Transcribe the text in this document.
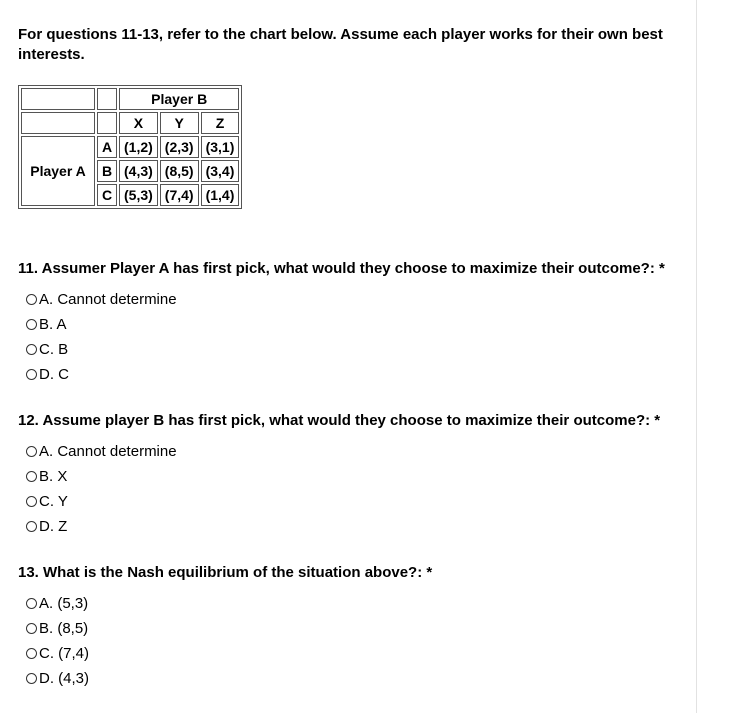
For questions 11-13, refer to the chart below. Assume each player works for their own best interests.
		Player B		
		X	Y	Z
Player A	A	(1,2)	(2,3)	(3,1)
	B	(4,3)	(8,5)	(3,4)
	C	(5,3)	(7,4)	(1,4)
11. Assumer Player A has first pick, what would they choose to maximize their outcome?: *
A. Cannot determine
B. A
C. B
D. C
12. Assume player B has first pick, what would they choose to maximize their outcome?: *
A. Cannot determine
B. X
C. Y
D. Z
13. What is the Nash equilibrium of the situation above?: *
A. (5,3)
B. (8,5)
C. (7,4)
D. (4,3)
